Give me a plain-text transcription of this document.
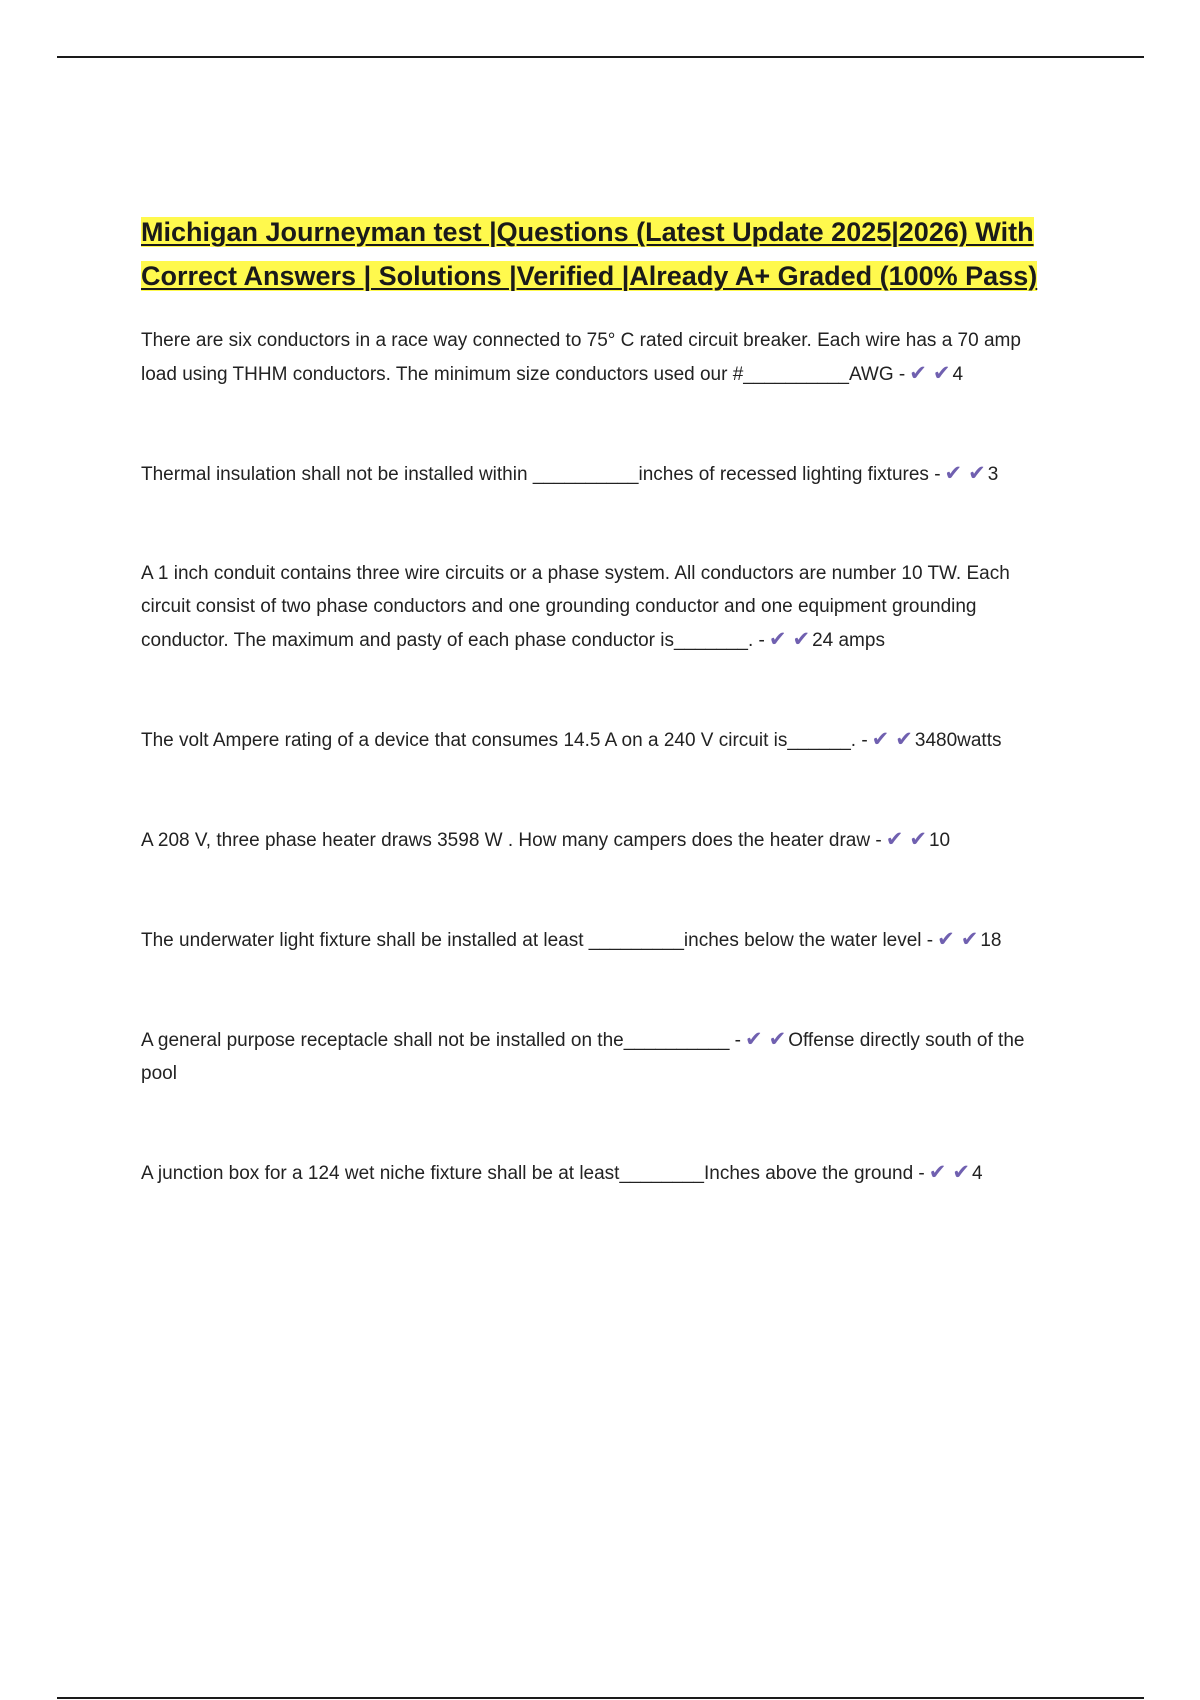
Michigan Journeyman test |Questions (Latest Update 2025|2026) With Correct Answers | Solutions |Verified |Already A+ Graded (100% Pass)

There are six conductors in a race way connected to 75° C rated circuit breaker. Each wire has a 70 amp load using THHM conductors. The minimum size conductors used our #__________AWG - ✔ ✔ 4

Thermal insulation shall not be installed within __________inches of recessed lighting fixtures - ✔ ✔ 3

A 1 inch conduit contains three wire circuits or a phase system. All conductors are number 10 TW. Each circuit consist of two phase conductors and one grounding conductor and one equipment grounding conductor. The maximum and pasty of each phase conductor is_______. - ✔ ✔ 24 amps

The volt Ampere rating of a device that consumes 14.5 A on a 240 V circuit is______. - ✔ ✔ 3480watts

A 208 V, three phase heater draws 3598 W . How many campers does the heater draw - ✔ ✔ 10

The underwater light fixture shall be installed at least _________inches below the water level - ✔ ✔ 18

A general purpose receptacle shall not be installed on the__________ - ✔ ✔ Offense directly south of the pool

A junction box for a 124 wet niche fixture shall be at least________Inches above the ground - ✔ ✔ 4
